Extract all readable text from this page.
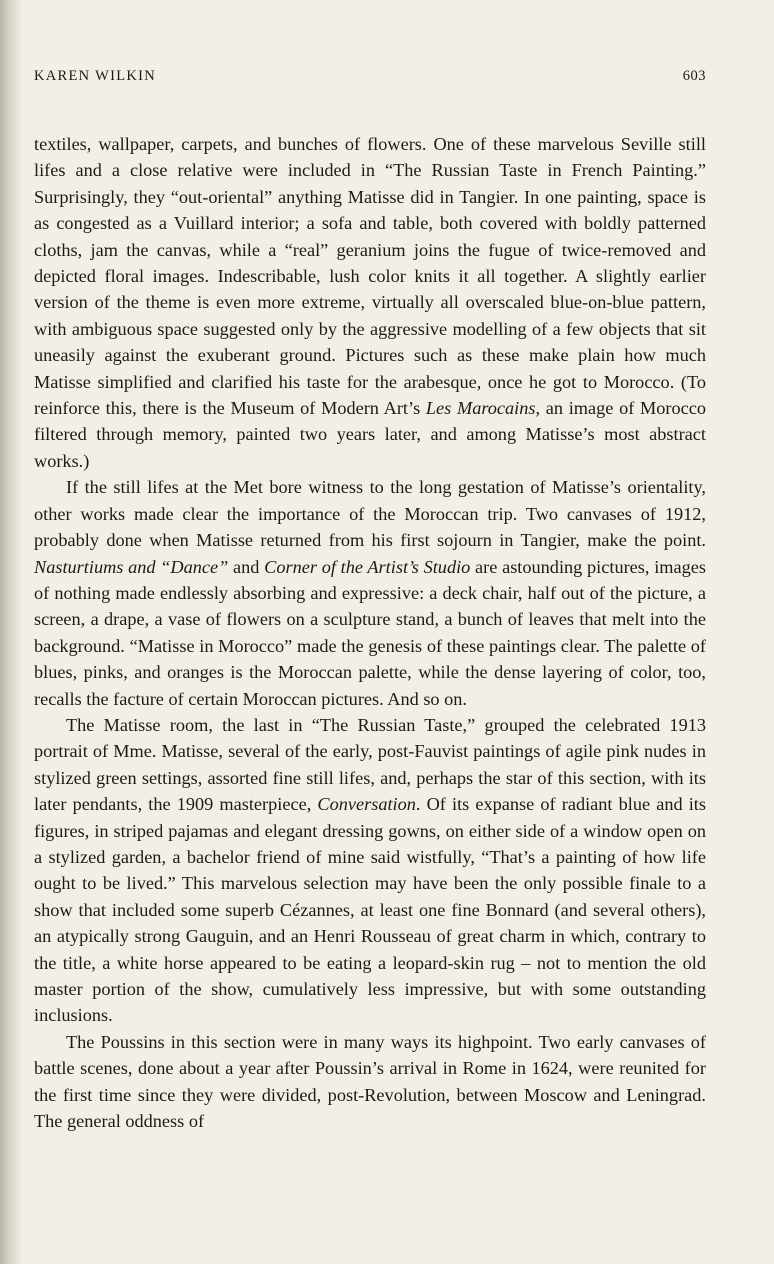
KAREN WILKIN	603

textiles, wallpaper, carpets, and bunches of flowers. One of these marvelous Seville still lifes and a close relative were included in “The Russian Taste in French Painting.” Surprisingly, they “out-oriental” anything Matisse did in Tangier. In one painting, space is as congested as a Vuillard interior; a sofa and table, both covered with boldly patterned cloths, jam the canvas, while a “real” geranium joins the fugue of twice-removed and depicted floral images. Indescribable, lush color knits it all together. A slightly earlier version of the theme is even more extreme, virtually all overscaled blue-on-blue pattern, with ambiguous space suggested only by the aggressive modelling of a few objects that sit uneasily against the exuberant ground. Pictures such as these make plain how much Matisse simplified and clarified his taste for the arabesque, once he got to Morocco. (To reinforce this, there is the Museum of Modern Art’s Les Marocains, an image of Morocco filtered through memory, painted two years later, and among Matisse’s most abstract works.)

If the still lifes at the Met bore witness to the long gestation of Matisse’s orientality, other works made clear the importance of the Moroccan trip. Two canvases of 1912, probably done when Matisse returned from his first sojourn in Tangier, make the point. Nasturtiums and “Dance” and Corner of the Artist’s Studio are astounding pictures, images of nothing made endlessly absorbing and expressive: a deck chair, half out of the picture, a screen, a drape, a vase of flowers on a sculpture stand, a bunch of leaves that melt into the background. “Matisse in Morocco” made the genesis of these paintings clear. The palette of blues, pinks, and oranges is the Moroccan palette, while the dense layering of color, too, recalls the facture of certain Moroccan pictures. And so on.

The Matisse room, the last in “The Russian Taste,” grouped the celebrated 1913 portrait of Mme. Matisse, several of the early, post-Fauvist paintings of agile pink nudes in stylized green settings, assorted fine still lifes, and, perhaps the star of this section, with its later pendants, the 1909 masterpiece, Conversation. Of its expanse of radiant blue and its figures, in striped pajamas and elegant dressing gowns, on either side of a window open on a stylized garden, a bachelor friend of mine said wistfully, “That’s a painting of how life ought to be lived.” This marvelous selection may have been the only possible finale to a show that included some superb Cézannes, at least one fine Bonnard (and several others), an atypically strong Gauguin, and an Henri Rousseau of great charm in which, contrary to the title, a white horse appeared to be eating a leopard-skin rug – not to mention the old master portion of the show, cumulatively less impressive, but with some outstanding inclusions.

The Poussins in this section were in many ways its highpoint. Two early canvases of battle scenes, done about a year after Poussin’s arrival in Rome in 1624, were reunited for the first time since they were divided, post-Revolution, between Moscow and Leningrad. The general oddness of
